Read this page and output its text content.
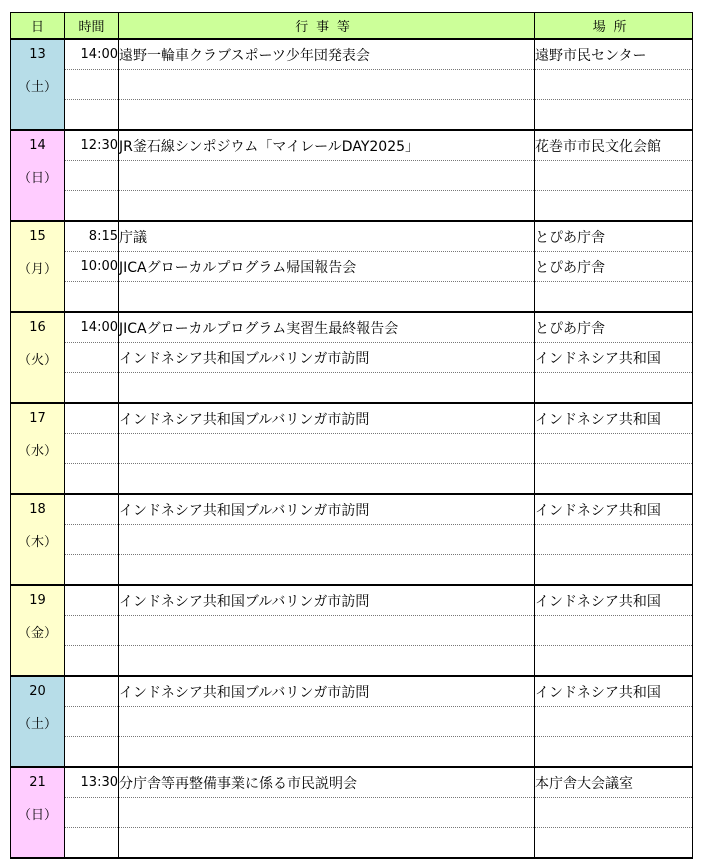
日	時間	行事等	場所

13
（土）	14:00	遠野一輪車クラブスポーツ少年団発表会	遠野市民センター

14
（日）	12:30	JR釜石線シンポジウム「マイレールDAY2025」	花巻市市民文化会館

15
（月）	8:15	庁議	とぴあ庁舎
	10:00	JICAグローカルプログラム帰国報告会	とぴあ庁舎

16
（火）	14:00	JICAグローカルプログラム実習生最終報告会	とぴあ庁舎
		インドネシア共和国ブルバリンガ市訪問	インドネシア共和国

17
（水）		インドネシア共和国ブルバリンガ市訪問	インドネシア共和国

18
（木）		インドネシア共和国ブルバリンガ市訪問	インドネシア共和国

19
（金）		インドネシア共和国ブルバリンガ市訪問	インドネシア共和国

20
（土）		インドネシア共和国ブルバリンガ市訪問	インドネシア共和国

21
（日）	13:30	分庁舎等再整備事業に係る市民説明会	本庁舎大会議室
